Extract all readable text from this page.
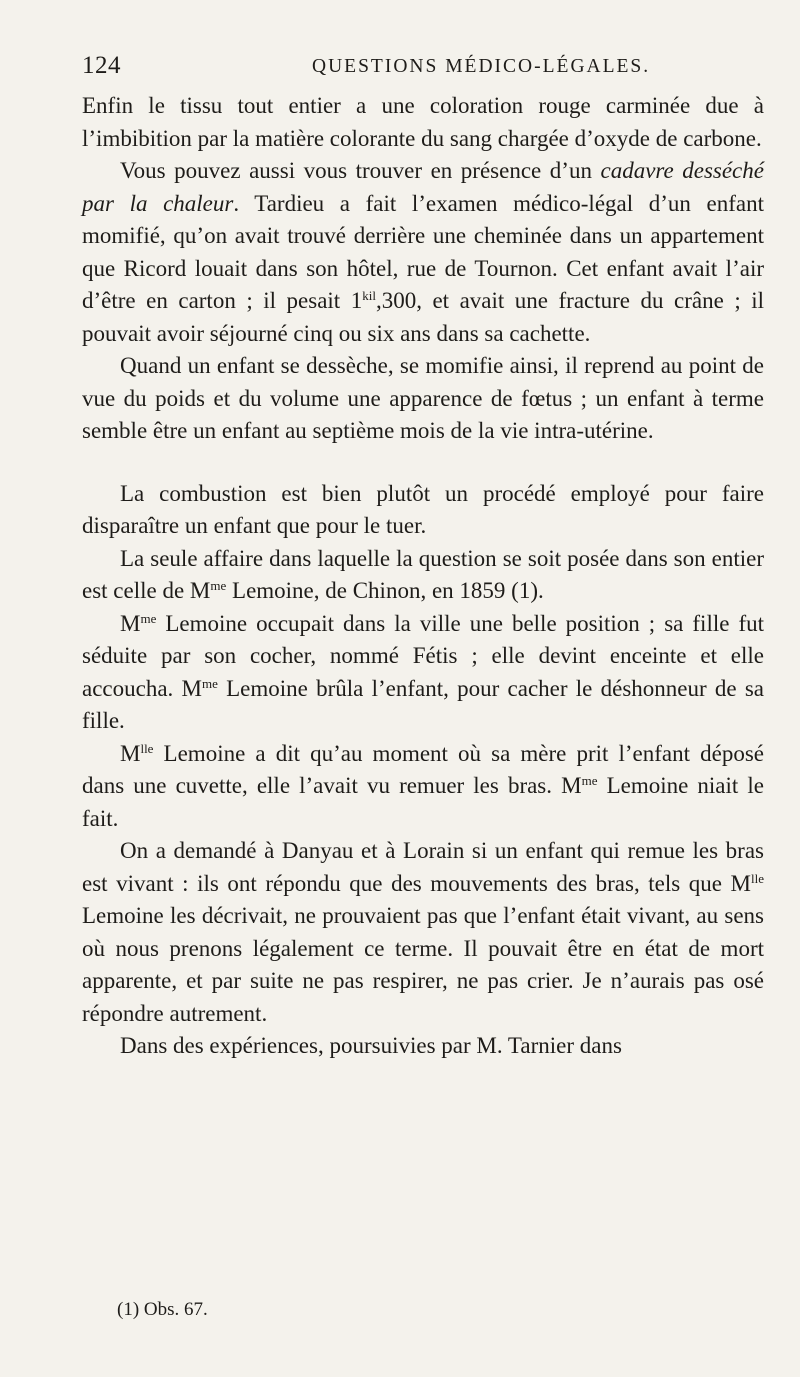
124	QUESTIONS MÉDICO-LÉGALES.

Enfin le tissu tout entier a une coloration rouge carminée due à l’imbibition par la matière colorante du sang chargée d’oxyde de carbone.

Vous pouvez aussi vous trouver en présence d’un cadavre desséché par la chaleur. Tardieu a fait l’examen médico-légal d’un enfant momifié, qu’on avait trouvé derrière une cheminée dans un appartement que Ricord louait dans son hôtel, rue de Tournon. Cet enfant avait l’air d’être en carton ; il pesait $1^{kil},300$, et avait une fracture du crâne ; il pouvait avoir séjourné cinq ou six ans dans sa cachette.

Quand un enfant se dessèche, se momifie ainsi, il reprend au point de vue du poids et du volume une apparence de fœtus ; un enfant à terme semble être un enfant au septième mois de la vie intra-utérine.

La combustion est bien plutôt un procédé employé pour faire disparaître un enfant que pour le tuer.

La seule affaire dans laquelle la question se soit posée dans son entier est celle de $M^{me}$ Lemoine, de Chinon, en 1859 (1).

$M^{me}$ Lemoine occupait dans la ville une belle position ; sa fille fut séduite par son cocher, nommé Fétis ; elle devint enceinte et elle accoucha. $M^{me}$ Lemoine brûla l’enfant, pour cacher le déshonneur de sa fille.

$M^{lle}$ Lemoine a dit qu’au moment où sa mère prit l’enfant déposé dans une cuvette, elle l’avait vu remuer les bras. $M^{me}$ Lemoine niait le fait.

On a demandé à Danyau et à Lorain si un enfant qui remue les bras est vivant : ils ont répondu que des mouvements des bras, tels que $M^{lle}$ Lemoine les décrivait, ne prouvaient pas que l’enfant était vivant, au sens où nous prenons légalement ce terme. Il pouvait être en état de mort apparente, et par suite ne pas respirer, ne pas crier. Je n’aurais pas osé répondre autrement.

Dans des expériences, poursuivies par M. Tarnier dans

(1) Obs. 67.
